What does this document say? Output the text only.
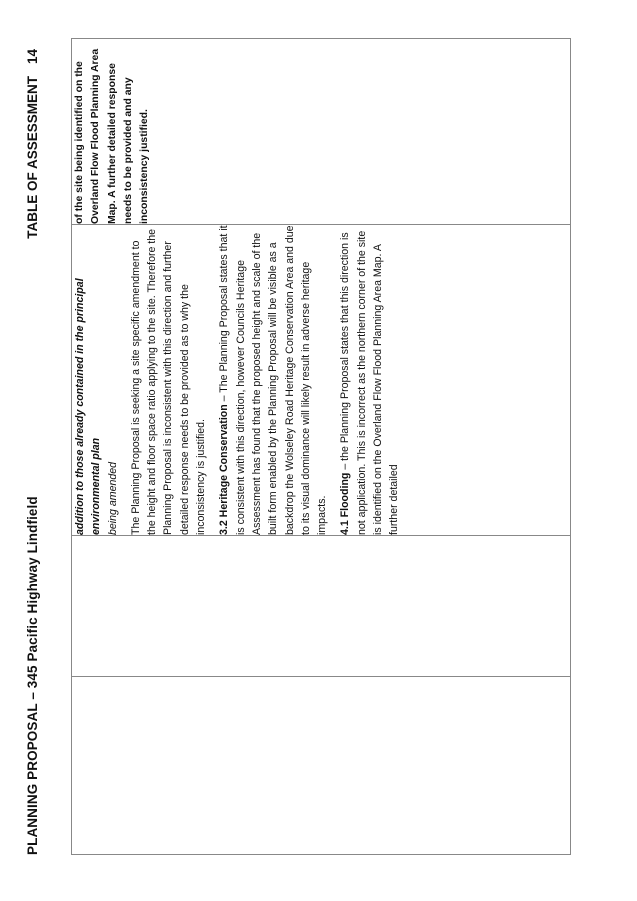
PLANNING PROPOSAL – 345 Pacific Highway Lindfield
TABLE OF ASSESSMENT14

addition to those already contained in the principal environmental plan being amended The Planning Proposal is seeking a site specific amendment to the height and floor space ratio applying to the site. Therefore the Planning Proposal is inconsistent with this direction and further detailed response needs to be provided as to why the inconsistency is justified. 3.2 Heritage Conservation – The Planning Proposal states that it is consistent with this direction, however Councils Heritage Assessment has found that the proposed height and scale of the built form enabled by the Planning Proposal will be visible as a backdrop the Wolseley Road Heritage Conservation Area and due to its visual dominance will likely result in adverse heritage impacts. 4.1 Flooding – the Planning Proposal states that this direction is not application. This is incorrect as the northern corner of the site is identified on the Overland Flow Flood Planning Area Map. A further detailed

	of the site being identified on the Overland Flow Flood Planning Area Map. A further detailed response needs to be provided and any inconsistency justified.
